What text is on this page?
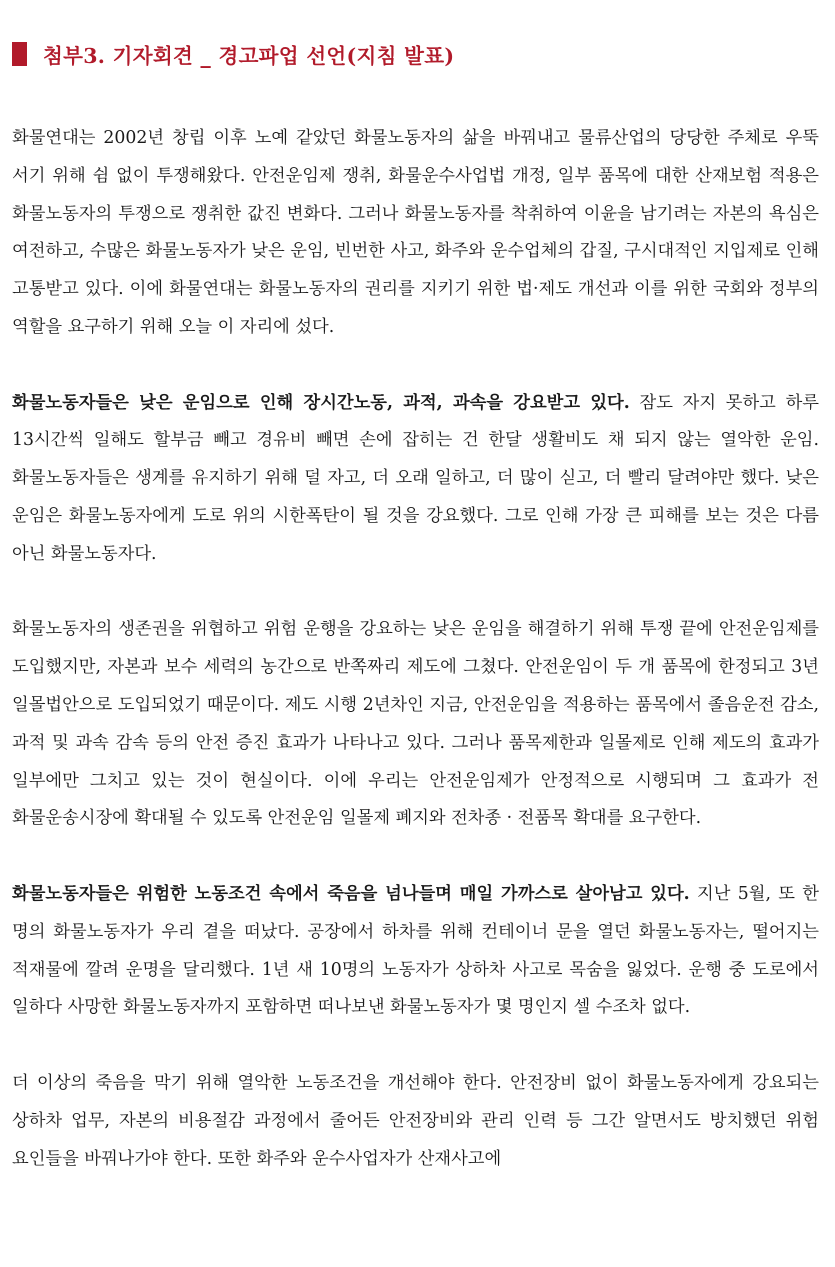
첨부3. 기자회견 _ 경고파업 선언(지침 발표)

화물연대는 2002년 창립 이후 노예 같았던 화물노동자의 삶을 바꿔내고 물류산업의 당당한 주체로 우뚝 서기 위해 쉼 없이 투쟁해왔다. 안전운임제 쟁취, 화물운수사업법 개정, 일부 품목에 대한 산재보험 적용은 화물노동자의 투쟁으로 쟁취한 값진 변화다. 그러나 화물노동자를 착취하여 이윤을 남기려는 자본의 욕심은 여전하고, 수많은 화물노동자가 낮은 운임, 빈번한 사고, 화주와 운수업체의 갑질, 구시대적인 지입제로 인해 고통받고 있다. 이에 화물연대는 화물노동자의 권리를 지키기 위한 법·제도 개선과 이를 위한 국회와 정부의 역할을 요구하기 위해 오늘 이 자리에 섰다.

화물노동자들은 낮은 운임으로 인해 장시간노동, 과적, 과속을 강요받고 있다. 잠도 자지 못하고 하루 13시간씩 일해도 할부금 빼고 경유비 빼면 손에 잡히는 건 한달 생활비도 채 되지 않는 열악한 운임. 화물노동자들은 생계를 유지하기 위해 덜 자고, 더 오래 일하고, 더 많이 싣고, 더 빨리 달려야만 했다. 낮은 운임은 화물노동자에게 도로 위의 시한폭탄이 될 것을 강요했다. 그로 인해 가장 큰 피해를 보는 것은 다름 아닌 화물노동자다.

화물노동자의 생존권을 위협하고 위험 운행을 강요하는 낮은 운임을 해결하기 위해 투쟁 끝에 안전운임제를 도입했지만, 자본과 보수 세력의 농간으로 반쪽짜리 제도에 그쳤다. 안전운임이 두 개 품목에 한정되고 3년 일몰법안으로 도입되었기 때문이다. 제도 시행 2년차인 지금, 안전운임을 적용하는 품목에서 졸음운전 감소, 과적 및 과속 감속 등의 안전 증진 효과가 나타나고 있다. 그러나 품목제한과 일몰제로 인해 제도의 효과가 일부에만 그치고 있는 것이 현실이다. 이에 우리는 안전운임제가 안정적으로 시행되며 그 효과가 전 화물운송시장에 확대될 수 있도록 안전운임 일몰제 폐지와 전차종 · 전품목 확대를 요구한다.

화물노동자들은 위험한 노동조건 속에서 죽음을 넘나들며 매일 가까스로 살아남고 있다. 지난 5월, 또 한 명의 화물노동자가 우리 곁을 떠났다. 공장에서 하차를 위해 컨테이너 문을 열던 화물노동자는, 떨어지는 적재물에 깔려 운명을 달리했다. 1년 새 10명의 노동자가 상하차 사고로 목숨을 잃었다. 운행 중 도로에서 일하다 사망한 화물노동자까지 포함하면 떠나보낸 화물노동자가 몇 명인지 셀 수조차 없다.

더 이상의 죽음을 막기 위해 열악한 노동조건을 개선해야 한다. 안전장비 없이 화물노동자에게 강요되는 상하차 업무, 자본의 비용절감 과정에서 줄어든 안전장비와 관리 인력 등 그간 알면서도 방치했던 위험 요인들을 바꿔나가야 한다. 또한 화주와 운수사업자가 산재사고에
